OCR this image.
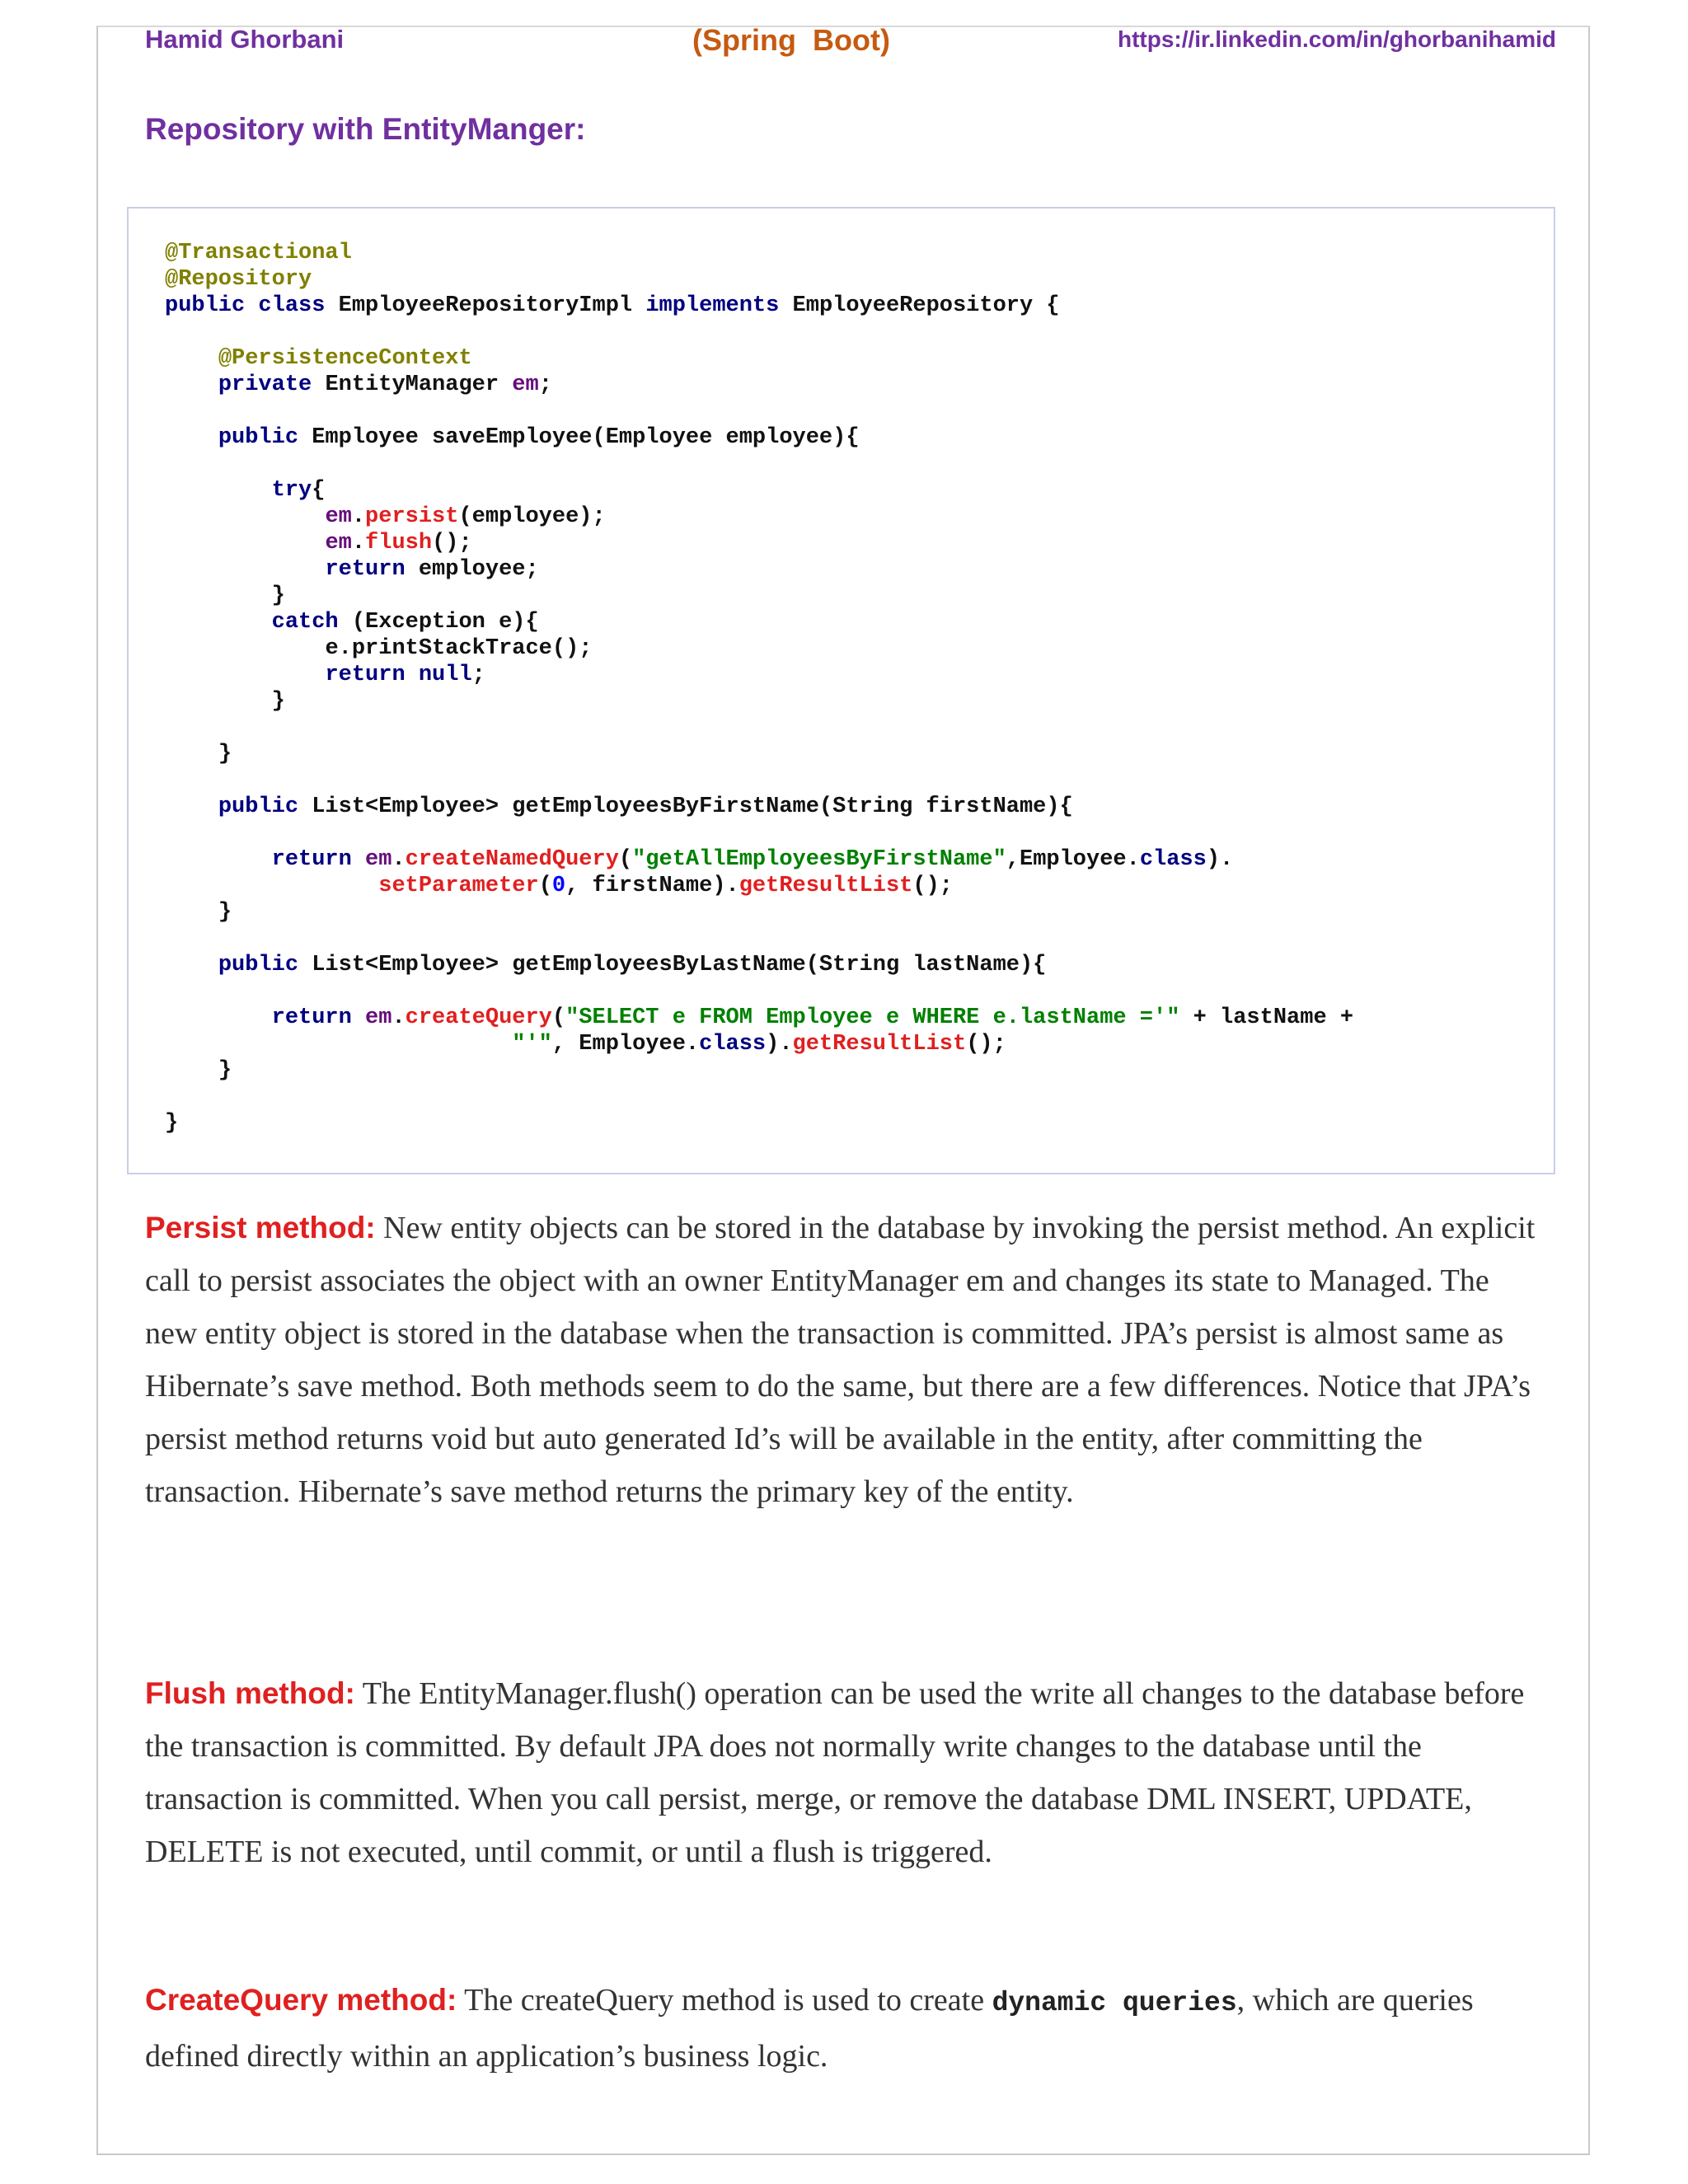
Hamid Ghorbani	(Spring  Boot)	https://ir.linkedin.com/in/ghorbanihamid
Repository with EntityManger:
@Transactional
@Repository
public class EmployeeRepositoryImpl implements EmployeeRepository {

@PersistenceContext
private EntityManager em;

public Employee saveEmployee(Employee employee){

try{
em.persist(employee);
em.flush();
return employee;
}
catch (Exception e){
e.printStackTrace();
return null;
}

}

public List<Employee> getEmployeesByFirstName(String firstName){

return em.createNamedQuery("getAllEmployeesByFirstName",Employee.class).
setParameter(0, firstName).getResultList();
}

public List<Employee> getEmployeesByLastName(String lastName){

return em.createQuery("SELECT e FROM Employee e WHERE e.lastName ='" + lastName +
"'", Employee.class).getResultList();
}

}
Persist method: New entity objects can be stored in the database by invoking the persist method. An explicit call to persist associates the object with an owner EntityManager em and changes its state to Managed. The new entity object is stored in the database when the transaction is committed. JPA’s persist is almost same as Hibernate’s save method. Both methods seem to do the same, but there are a few differences. Notice that JPA’s persist method returns void but auto generated Id’s will be available in the entity, after committing the transaction. Hibernate’s save method returns the primary key of the entity.
Flush method: The EntityManager.flush() operation can be used the write all changes to the database before the transaction is committed. By default JPA does not normally write changes to the database until the transaction is committed. When you call persist, merge, or remove the database DML INSERT, UPDATE, DELETE is not executed, until commit, or until a flush is triggered.
CreateQuery method: The createQuery method is used to create dynamic queries, which are queries defined directly within an application’s business logic.
